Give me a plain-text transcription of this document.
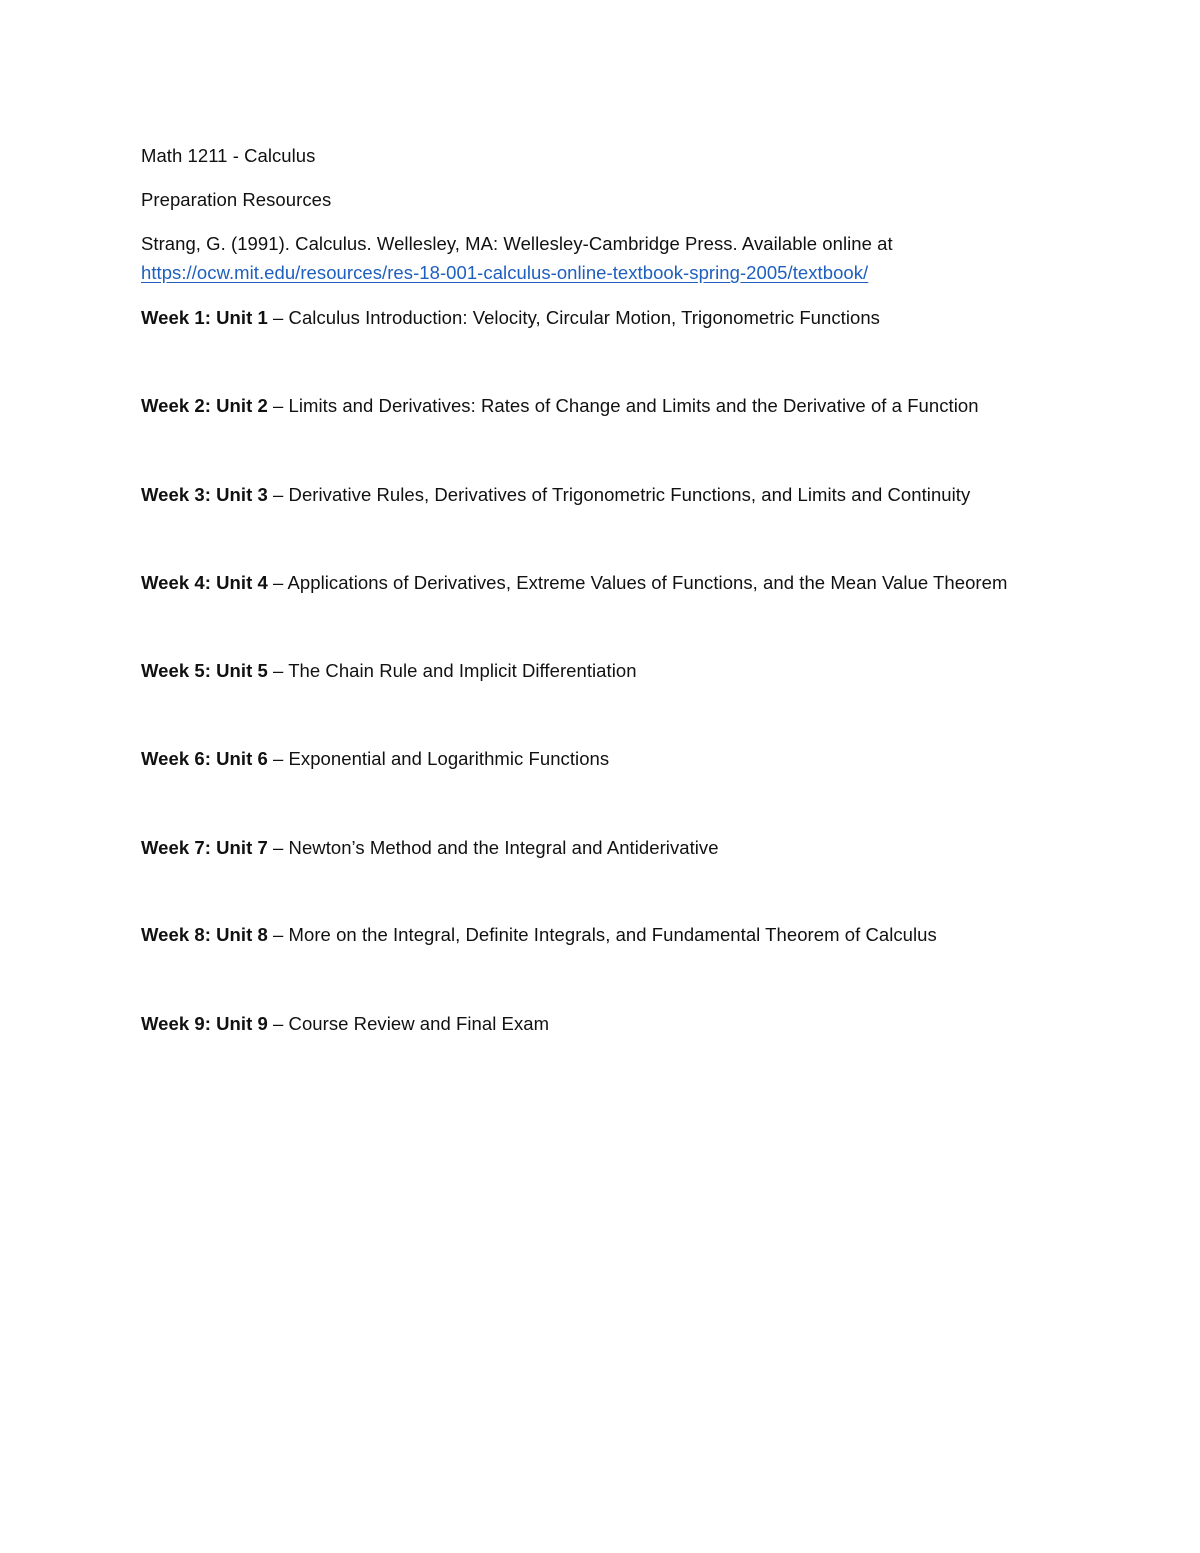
Math 1211 - Calculus
Preparation Resources
Strang, G. (1991). Calculus. Wellesley, MA: Wellesley-Cambridge Press. Available online at
https://ocw.mit.edu/resources/res-18-001-calculus-online-textbook-spring-2005/textbook/
Week 1: Unit 1 – Calculus Introduction: Velocity, Circular Motion, Trigonometric Functions
Week 2: Unit 2 – Limits and Derivatives: Rates of Change and Limits and the Derivative of a Function
Week 3: Unit 3 – Derivative Rules, Derivatives of Trigonometric Functions, and Limits and Continuity
Week 4: Unit 4 – Applications of Derivatives, Extreme Values of Functions, and the Mean Value Theorem
Week 5: Unit 5 – The Chain Rule and Implicit Differentiation
Week 6: Unit 6 – Exponential and Logarithmic Functions
Week 7: Unit 7 – Newton’s Method and the Integral and Antiderivative
Week 8: Unit 8 – More on the Integral, Definite Integrals, and Fundamental Theorem of Calculus
Week 9: Unit 9 – Course Review and Final Exam
